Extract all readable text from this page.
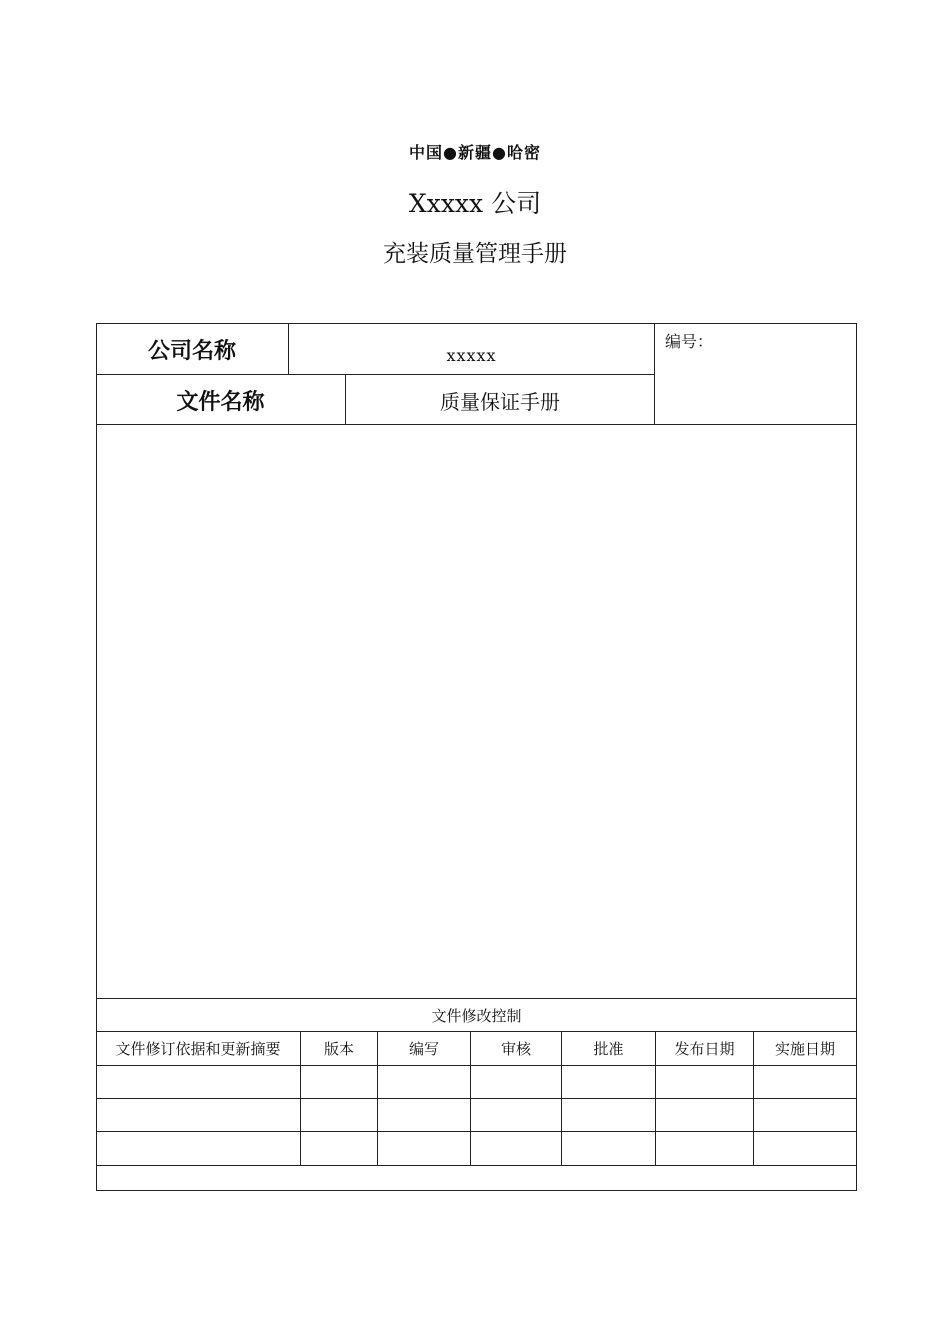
中国●新疆●哈密
Xxxxx 公司
充装质量管理手册
公司名称	xxxxx
文件名称	质量保证手册
编号：
文件修改控制
文件修订依据和更新摘要	版本	编写	审核	批准	发布日期	实施日期
